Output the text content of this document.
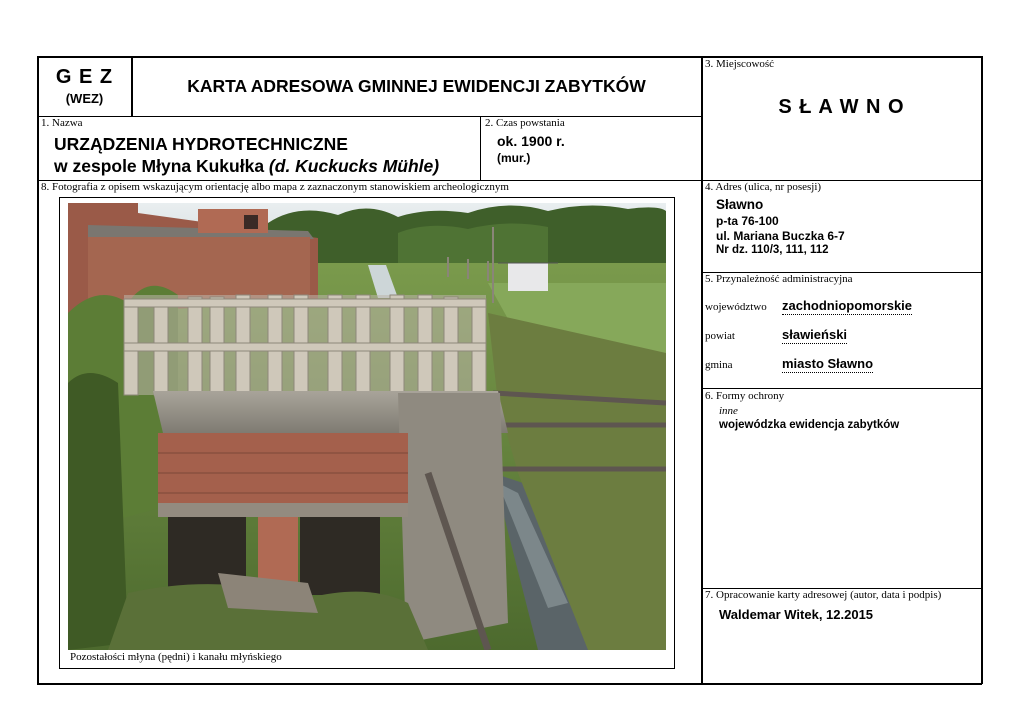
G E Z
(WEZ)
KARTA ADRESOWA GMINNEJ EWIDENCJI ZABYTKÓW
3. Miejscowość
S Ł A W N O
1. Nazwa
URZĄDZENIA HYDROTECHNICZNE
w zespole Młyna Kukułka (d. Kuckucks Mühle)
2. Czas powstania
ok. 1900 r.
(mur.)
8. Fotografia z opisem wskazującym orientację albo mapa z zaznaczonym stanowiskiem archeologicznym
Pozostałości młyna (pędni) i kanału młyńskiego
4. Adres (ulica, nr posesji)
Sławno
p-ta 76-100
ul. Mariana Buczka 6-7
Nr dz. 110/3, 111, 112
5. Przynależność administracyjna
województwo zachodniopomorskie
powiat	sławieński
gmina	miasto Sławno
6. Formy ochrony
inne
wojewódzka ewidencja zabytków
7. Opracowanie karty adresowej (autor, data i podpis)
Waldemar Witek, 12.2015
